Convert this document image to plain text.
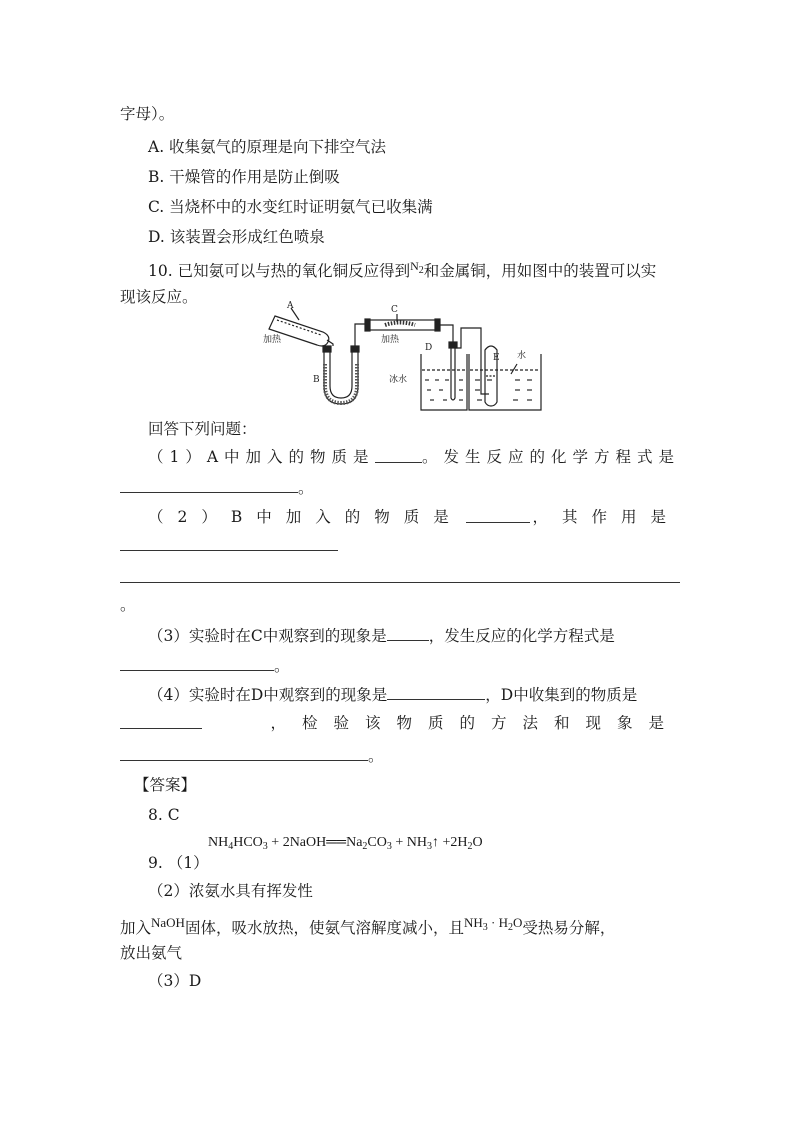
字母）。
A. 收集氨气的原理是向下排空气法
B. 干燥管的作用是防止倒吸
C. 当烧杯中的水变红时证明氨气已收集满
D. 该装置会形成红色喷泉
10. 已知氨可以与热的氧化铜反应得到$^{N_2}$和金属铜，用如图中的装置可以实
现该反应。	A
加热
B
C
加热
D
冰水
E 水
回答下列问题：
（1）A中加入的物质是	。发生反应的化学方程式是
。
（2）B中加入的物质是	，其作用是
。
（3）实验时在C中观察到的现象是	，发生反应的化学方程式是
。
（4）实验时在D中观察到的现象是	，D中收集到的物质是
，检验该物质的方法和现象是
。
【答案】
8. C
$NH_4HCO_3$ + $2NaOH══Na_2CO_3$ + $NH_3↑ +2H_2O$
9. （1）
（2）浓氨水具有挥发性
加入$^{NaOH}$固体，吸水放热，使氨气溶解度减小，且$^{NH_3 \cdot H_2O}$受热易分解，
放出氨气
（3）D
